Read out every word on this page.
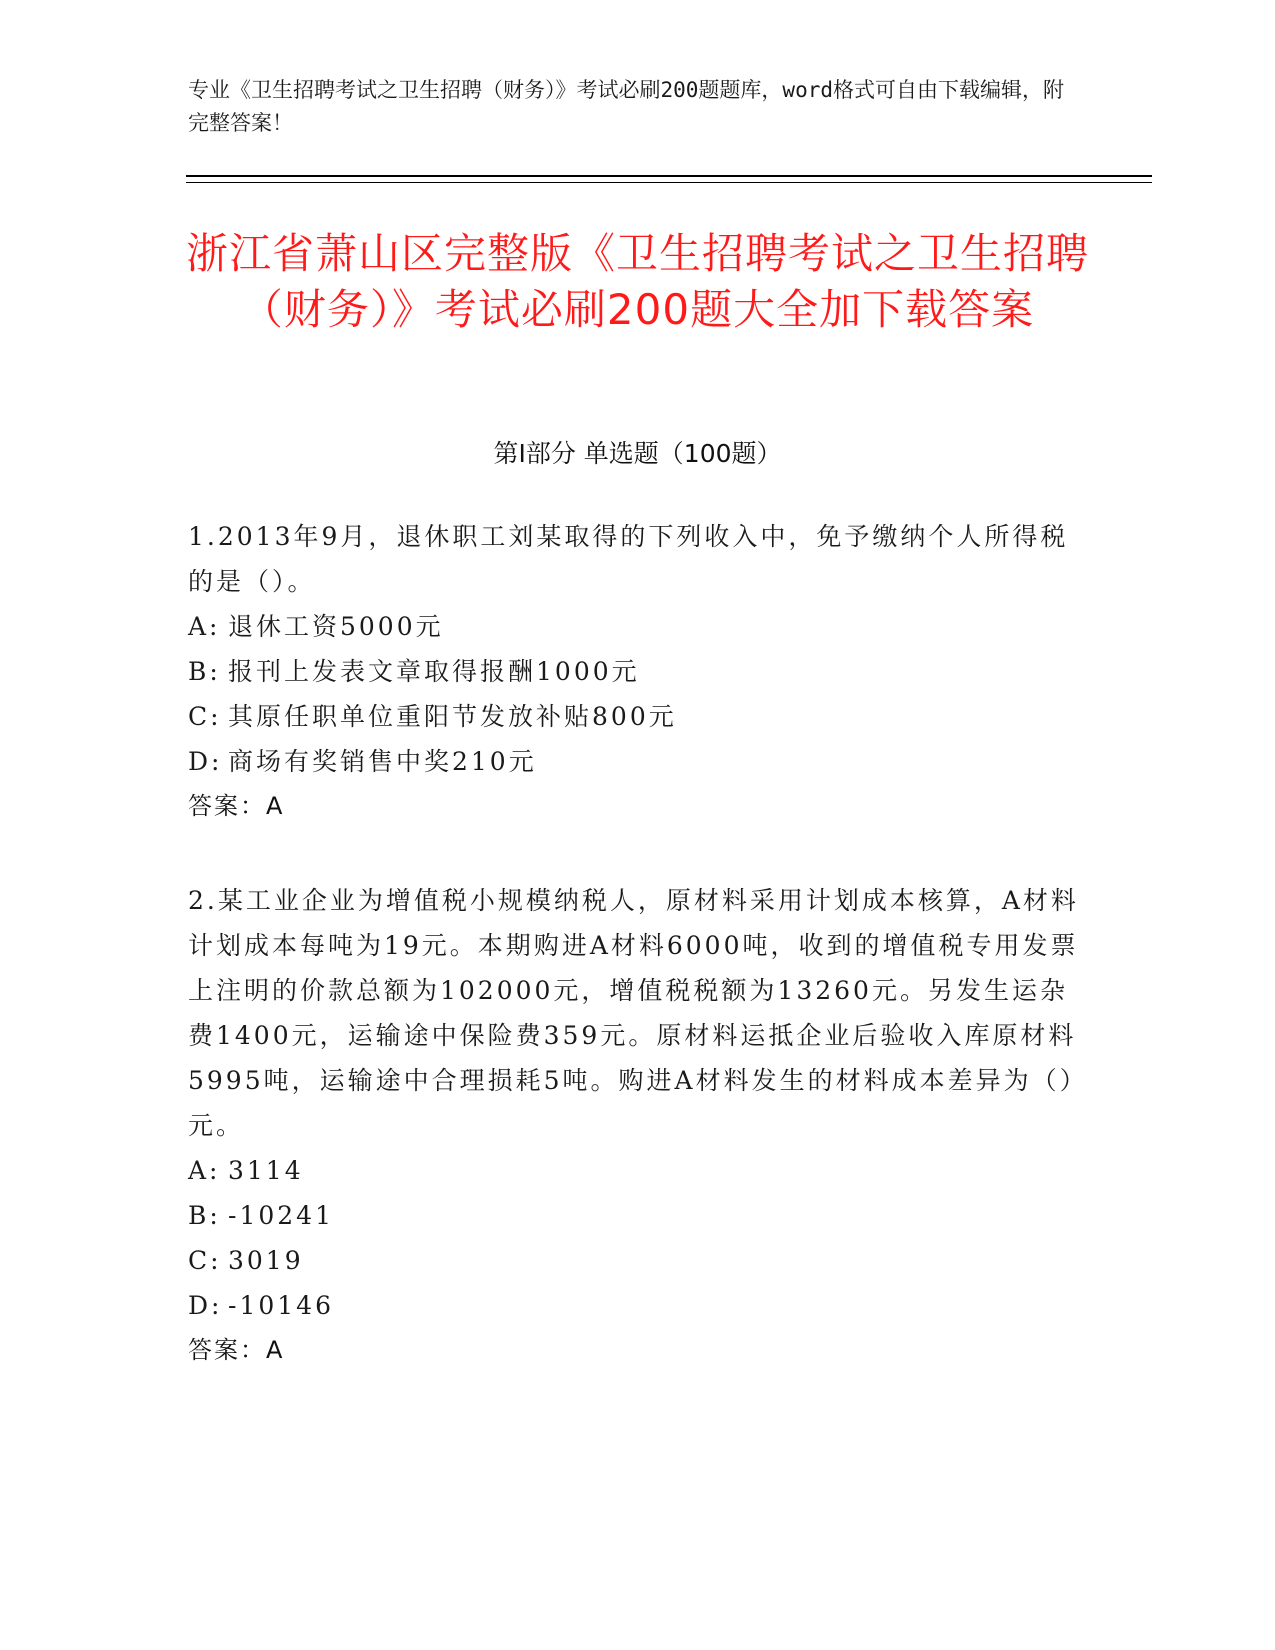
专业《卫生招聘考试之卫生招聘（财务）》考试必刷200题题库，word格式可自由下载编辑，附完整答案！
浙江省萧山区完整版《卫生招聘考试之卫生招聘（财务）》考试必刷200题大全加下载答案
第Ⅰ部分 单选题（100题）
1.2013年9月，退休职工刘某取得的下列收入中，免予缴纳个人所得税的是（）。
A: 退休工资5000元
B: 报刊上发表文章取得报酬1000元
C: 其原任职单位重阳节发放补贴800元
D: 商场有奖销售中奖210元
答案：A
2.某工业企业为增值税小规模纳税人，原材料采用计划成本核算，A材料计划成本每吨为19元。本期购进A材料6000吨，收到的增值税专用发票上注明的价款总额为102000元，增值税税额为13260元。另发生运杂费1400元，运输途中保险费359元。原材料运抵企业后验收入库原材料5995吨，运输途中合理损耗5吨。购进A材料发生的材料成本差异为（）元。
A: 3114
B: -10241
C: 3019
D: -10146
答案：A
